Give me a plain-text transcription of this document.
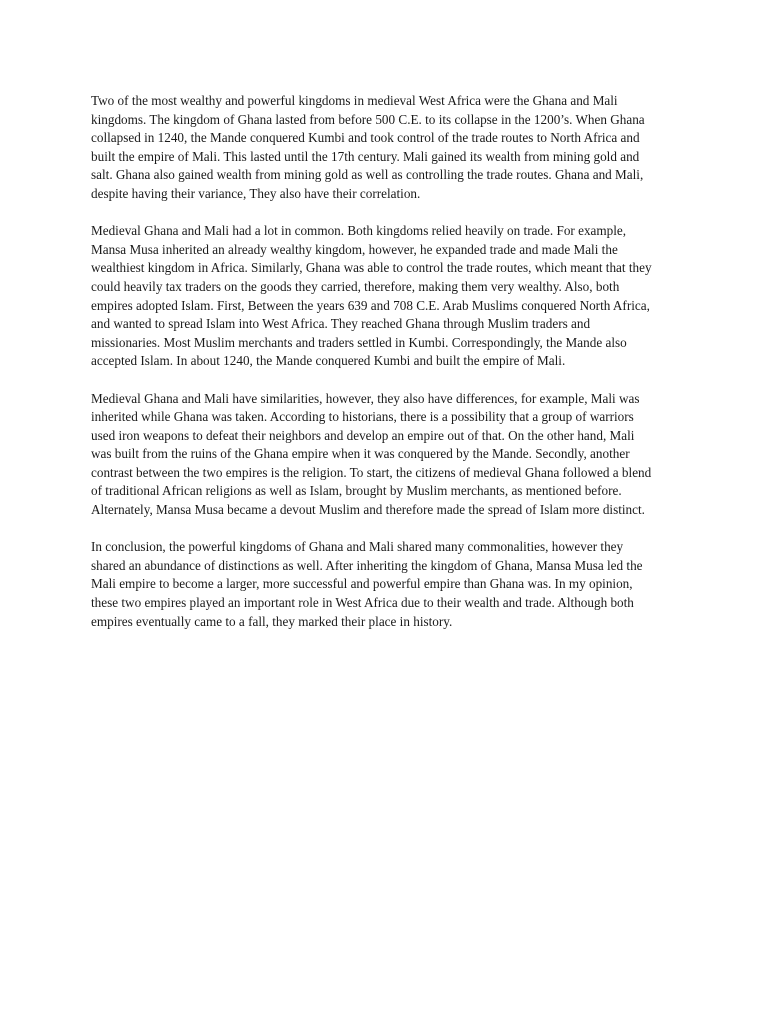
Two of the most wealthy and powerful kingdoms in medieval West Africa were the Ghana and Mali
kingdoms. The kingdom of Ghana lasted from before 500 C.E. to its collapse in the 1200’s. When Ghana
collapsed in 1240, the Mande conquered Kumbi and took control of the trade routes to North Africa and
built the empire of Mali. This lasted until the 17th century. Mali gained its wealth from mining gold and
salt. Ghana also gained wealth from mining gold as well as controlling the trade routes. Ghana and Mali,
despite having their variance, They also have their correlation.

Medieval Ghana and Mali had a lot in common. Both kingdoms relied heavily on trade. For example,
Mansa Musa inherited an already wealthy kingdom, however, he expanded trade and made Mali the
wealthiest kingdom in Africa. Similarly, Ghana was able to control the trade routes, which meant that they
could heavily tax traders on the goods they carried, therefore, making them very wealthy. Also, both
empires adopted Islam. First, Between the years 639 and 708 C.E. Arab Muslims conquered North Africa,
and wanted to spread Islam into West Africa. They reached Ghana through Muslim traders and
missionaries. Most Muslim merchants and traders settled in Kumbi. Correspondingly, the Mande also
accepted Islam. In about 1240, the Mande conquered Kumbi and built the empire of Mali.

Medieval Ghana and Mali have similarities, however, they also have differences, for example, Mali was
inherited while Ghana was taken. According to historians, there is a possibility that a group of warriors
used iron weapons to defeat their neighbors and develop an empire out of that. On the other hand, Mali
was built from the ruins of the Ghana empire when it was conquered by the Mande. Secondly, another
contrast between the two empires is the religion. To start, the citizens of medieval Ghana followed a blend
of traditional African religions as well as Islam, brought by Muslim merchants, as mentioned before.
Alternately, Mansa Musa became a devout Muslim and therefore made the spread of Islam more distinct.

In conclusion, the powerful kingdoms of Ghana and Mali shared many commonalities, however they
shared an abundance of distinctions as well. After inheriting the kingdom of Ghana, Mansa Musa led the
Mali empire to become a larger, more successful and powerful empire than Ghana was. In my opinion,
these two empires played an important role in West Africa due to their wealth and trade. Although both
empires eventually came to a fall, they marked their place in history.
